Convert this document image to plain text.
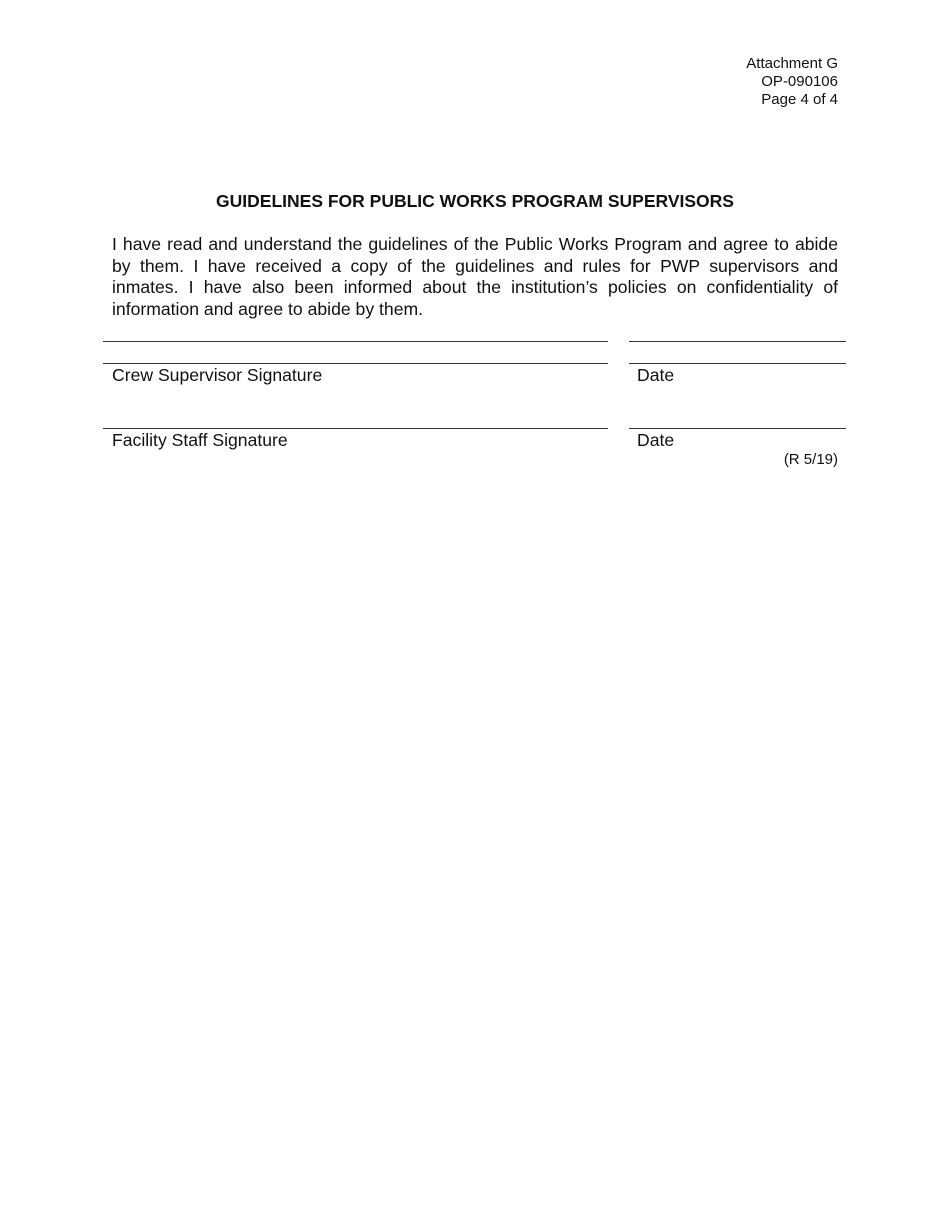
Attachment G
OP-090106
Page 4 of 4
GUIDELINES FOR PUBLIC WORKS PROGRAM SUPERVISORS
I have read and understand the guidelines of the Public Works Program and agree to abide by them. I have received a copy of the guidelines and rules for PWP supervisors and inmates. I have also been informed about the institution’s policies on confidentiality of information and agree to abide by them.
Crew Supervisor Signature	Date
Facility Staff Signature	Date
(R 5/19)
